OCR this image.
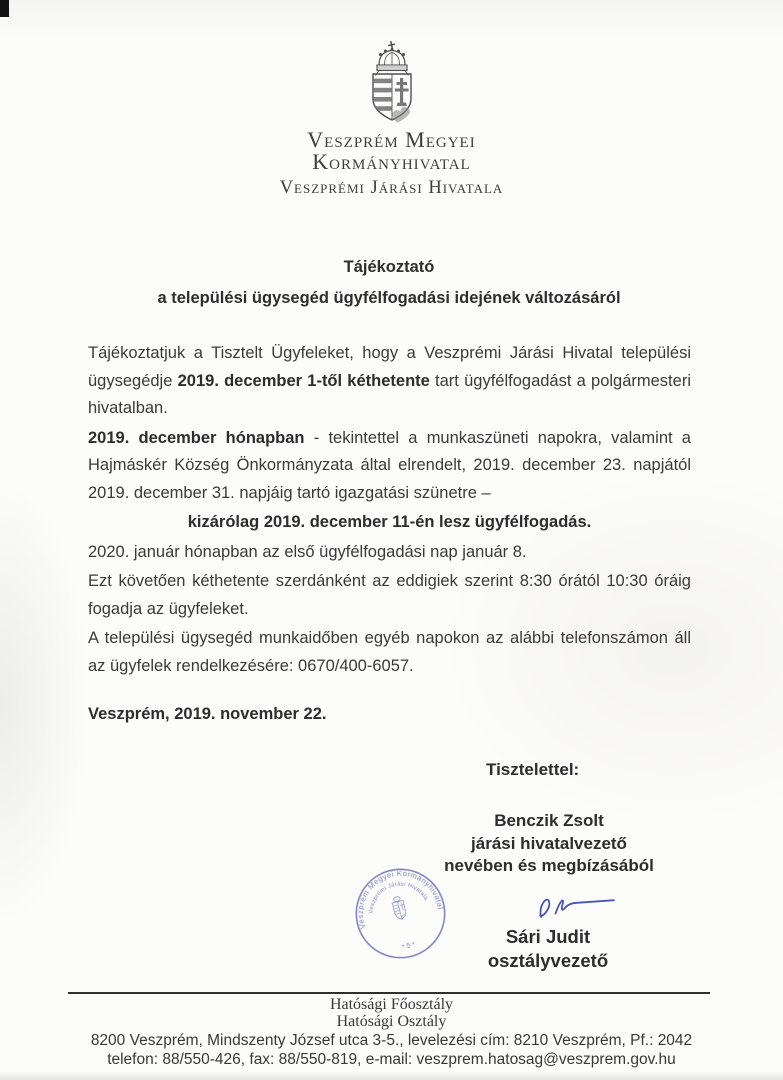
Veszprém Megyei
Kormányhivatal
Veszprémi Járási Hivatala
Tájékoztató
a települési ügysegéd ügyfélfogadási idejének változásáról

Tájékoztatjuk a Tisztelt Ügyfeleket, hogy a Veszprémi Járási Hivatal települési ügysegédje 2019. december 1-től kéthetente tart ügyfélfogadást a polgármesteri hivatalban.

2019. december hónapban - tekintettel a munkaszüneti napokra, valamint a Hajmáskér Község Önkormányzata által elrendelt, 2019. december 23. napjától 2019. december 31. napjáig tartó igazgatási szünetre –

kizárólag 2019. december 11-én lesz ügyfélfogadás.

2020. január hónapban az első ügyfélfogadási nap január 8.

Ezt követően kéthetente szerdánként az eddigiek szerint 8:30 órától 10:30 óráig fogadja az ügyfeleket.

A települési ügysegéd munkaidőben egyéb napokon az alábbi telefonszámon áll az ügyfelek rendelkezésére: 0670/400-6057.

Veszprém, 2019. november 22.
Tisztelettel:
Benczik Zsolt
járási hivatalvezető
nevében és megbízásából
Veszprém Megyei Kormányhivatal
Veszprémi Járási Hivatala
* 5 *	Sári Judit
osztályvezető
Hatósági Főosztály
Hatósági Osztály
8200 Veszprém, Mindszenty József utca 3-5., levelezési cím: 8210 Veszprém, Pf.: 2042
telefon: 88/550-426, fax: 88/550-819, e-mail: veszprem.hatosag@veszprem.gov.hu
